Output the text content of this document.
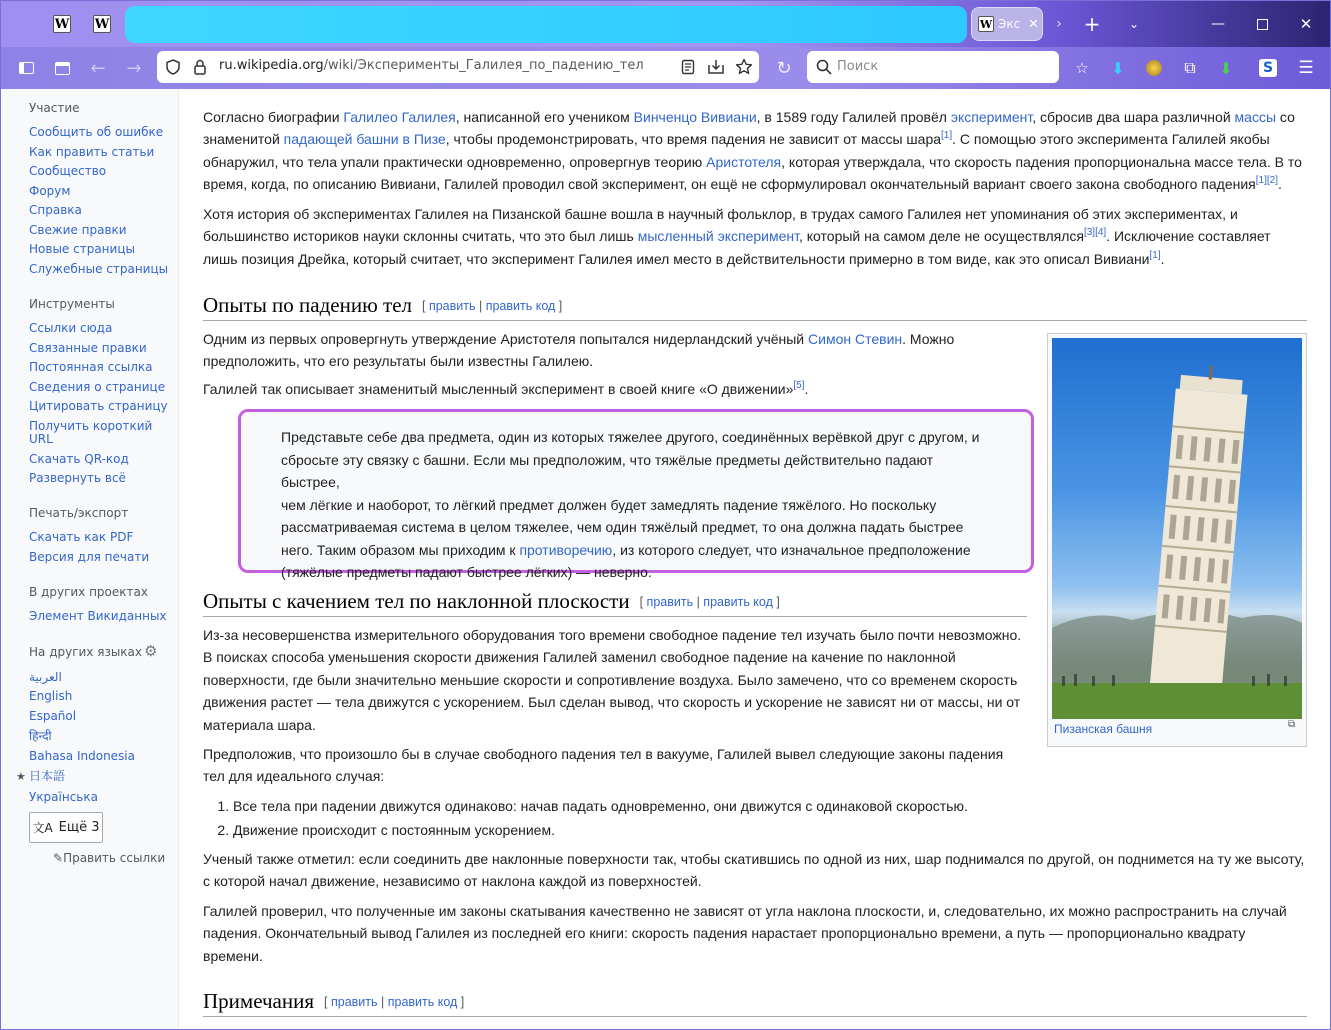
W W	W Экс ✕	› +	⌄	—	✕
← →	ru.wikipedia.org/wiki/Эксперименты_Галилея_по_падению_тел	↻	Поиск	☆ ⬇	⧉	⬇	S ☰
Участие
Сообщить об ошибке
Как править статьи
Сообщество
Форум
Справка
Свежие правки
Новые страницы
Служебные страницы
Инструменты
Ссылки сюда
Связанные правки
Постоянная ссылка
Сведения о странице
Цитировать страницу
Получить короткий
URL
Скачать QR-код
Развернуть всё
Печать/экспорт
Скачать как PDF
Версия для печати
В других проектах
Элемент Викиданных
На других языках ⚙
العربية
English
Español
हिन्दी
Bahasa Indonesia
★ 日本語
Українська
文A Ещё 3
✎Править ссылки
Согласно биографии Галилео Галилея, написанной его учеником Винченцо Вивиани, в 1589 году Галилей провёл эксперимент, сбросив два шара различной массы со
знаменитой падающей башни в Пизе, чтобы продемонстрировать, что время падения не зависит от массы шара[1]. С помощью этого эксперимента Галилей якобы
обнаружил, что тела упали практически одновременно, опровергнув теорию Аристотеля, которая утверждала, что скорость падения пропорциональна массе тела. В то
время, когда, по описанию Вивиани, Галилей проводил свой эксперимент, он ещё не сформулировал окончательный вариант своего закона свободного падения[1][2].
Хотя история об экспериментах Галилея на Пизанской башне вошла в научный фольклор, в трудах самого Галилея нет упоминания об этих экспериментах, и
большинство историков науки склонны считать, что это был лишь мысленный эксперимент, который на самом деле не осуществлялся[3][4]. Исключение составляет
лишь позиция Дрейка, который считает, что эксперимент Галилея имел место в действительности примерно в том виде, как это описал Вивиани[1].
Опыты по падению тел [ править | править код ]
Одним из первых опровергнуть утверждение Аристотеля попытался нидерландский учёный Симон Стевин. Можно
предположить, что его результаты были известны Галилею.
Галилей так описывает знаменитый мысленный эксперимент в своей книге «О движении»[5].
Представьте себе два предмета, один из которых тяжелее другого, соединённых верёвкой друг с другом, и
сбросьте эту связку с башни. Если мы предположим, что тяжёлые предметы действительно падают быстрее,
чем лёгкие и наоборот, то лёгкий предмет должен будет замедлять падение тяжёлого. Но поскольку
рассматриваемая система в целом тяжелее, чем один тяжёлый предмет, то она должна падать быстрее
него. Таким образом мы приходим к противоречию, из которого следует, что изначальное предположение
(тяжёлые предметы падают быстрее лёгких) — неверно.
Пизанская башня	⧉
Опыты с качением тел по наклонной плоскости [ править | править код ]
Из-за несовершенства измерительного оборудования того времени свободное падение тел изучать было почти невозможно.
В поисках способа уменьшения скорости движения Галилей заменил свободное падение на качение по наклонной
поверхности, где были значительно меньшие скорости и сопротивление воздуха. Было замечено, что со временем скорость
движения растет — тела движутся с ускорением. Был сделан вывод, что скорость и ускорение не зависят ни от массы, ни от
материала шара.
Предположив, что произошло бы в случае свободного падения тел в вакууме, Галилей вывел следующие законы падения
тел для идеального случая:
1. Все тела при падении движутся одинаково: начав падать одновременно, они движутся с одинаковой скоростью.
2. Движение происходит с постоянным ускорением.
Ученый также отметил: если соединить две наклонные поверхности так, чтобы скатившись по одной из них, шар поднимался по другой, он поднимется на ту же высоту,
с которой начал движение, независимо от наклона каждой из поверхностей.
Галилей проверил, что полученные им законы скатывания качественно не зависят от угла наклона плоскости, и, следовательно, их можно распространить на случай
падения. Окончательный вывод Галилея из последней его книги: скорость падения нарастает пропорционально времени, а путь — пропорционально квадрату
времени.
Примечания [ править | править код ]
